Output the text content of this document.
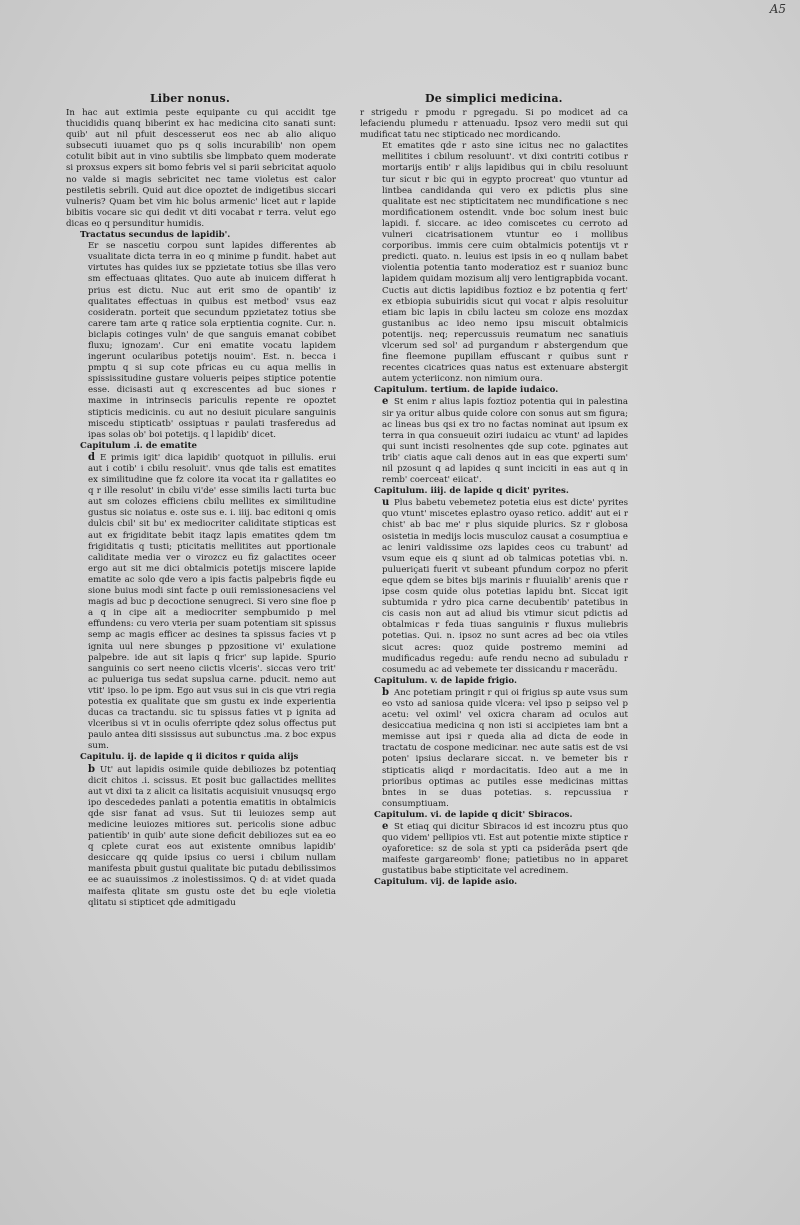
A5
Liber nonus.	De simplici medicina.

In hac aut extimia peste equipante cu qui accidit tge thucididis quanq biberint ex hac medicina cito sanati sunt: quib' aut nil pfuit descesserut eos nec ab alio aliquo subsecuti iuuamet quo ps q solis incurabilib' non opem cotulit bibit aut in vino subtilis sbe limpbato quem moderate si proxsus expers sit bomo febris vel si parii sebricitat aquolo no valde si magis sebricitet nec tame violetus est calor pestiletis sebrili. Quid aut dice opoztet de indigetibus siccari vulneris? Quam bet vim hic bolus armenic' licet aut r lapide bibitis vocare sic qui dedit vt diti vocabat r terra. velut ego dicas eo q persunditur humidis.

Tractatus secundus de lapidib'.

Er se nascetiu corpou sunt lapides differentes ab vsualitate dicta terra in eo q minime p fundit. habet aut virtutes has quides iux se ppzietate totius sbe illas vero sm effectuaas qlitates. Quo aute ab inuicem differat h prius est dictu. Nuc aut erit smo de opantib' iz qualitates effectuas in quibus est metbod' vsus eaz cosideratn. porteit que secundum ppzietatez totius sbe carere tam arte q ratice sola erptientia cognite. Cur. n. biclapis cotinges vuln' de que sanguis emanat cobibet fluxu; ignozam'. Cur eni ematite vocatu lapidem ingerunt ocularibus potetijs nouim'. Est. n. becca i pmptu q si sup cote pfricas eu cu aqua mellis in spississitudine gustare volueris peipes stiptice potentie esse. dicisasti aut q excrescentes ad buc siones r maxime in intrinsecis pariculis repente re opoztet stipticis medicinis. cu aut no desiuit piculare sanguinis miscedu stipticatb' ossiptuas r paulati trasferedus ad ipas solas ob' boi potetijs. q l lapidib' dicet.

Capitulum .i. de ematite

d E primis igit' dica lapidib' quotquot in pillulis. erui aut i cotib' i cbilu resoluit'. vnus qde talis est ematites ex similitudine que fz colore ita vocat ita r gallatites eo q r ille resolut' in cbilu vi'de' esse similis lacti turta buc aut sm colozes efficiens cbilu mellites ex similitudine gustus sic noiatus e. oste sus e. i. iiij. bac editoni q omis dulcis cbil' sit bu' ex mediocriter caliditate stipticas est aut ex frigiditate bebit itaqz lapis ematites qdem tm frigiditatis q tusti; pticitatis mellitites aut pportionale caliditate media ver o virozcz eu fiz galactites oceer ergo aut sit me dici obtalmicis potetijs miscere lapide ematite ac solo qde vero a ipis factis palpebris fiqde eu sione buius modi sint facte p ouii remissionesaciens vel magis ad buc p decoctione senugreci. Si vero sine floe p a q in cipe ait a mediocriter sempbumido p mel effundens: cu vero vteria per suam potentiam sit spissus semp ac magis efficer ac desines ta spissus facies vt p ignita uul nere sbunges p ppzositione vi' exulatione palpebre. ide aut sit lapis q fricr' sup lapide. Spurio sanguinis co sert neeno ciictis vlceris'. siccas vero trit' ac pulueriga tus sedat supslua carne. pducit. nemo aut vtit' ipso. lo pe ipm. Ego aut vsus sui in cis que vtri regia potestia ex qualitate que sm gustu ex inde experientia ducas ca tractandu. sic tu spissus faties vt p ignita ad vlceribus si vt in oculis oferripte qdez solus offectus put paulo antea diti sississus aut subunctus .ma. z boc expus sum.

Capitulu. ij. de lapide q ii dicitos r quida alijs

b Ut' aut lapidis osimile quide debiliozes bz potentiaq dicit chitos .i. scissus. Et posit buc gallactides mellites aut vt dixi ta z alicit ca lisitatis acquisiuit vnusuqsq ergo ipo descededes panlati a potentia ematitis in obtalmicis qde sisr fanat ad vsus. Sut tii leuiozes semp aut medicine leuiozes mitiores sut. pericolis sione adbuc patientib' in quib' aute sione deficit debiliozes sut ea eo q cplete curat eos aut existente omnibus lapidib' desiccare qq quide ipsius co uersi i cbilum nullam manifesta pbuit gustui qualitate bic putadu debilissimos ee ac suauissimos .z inolestissimos. Q d: at videt quada maifesta qlitate sm gustu oste det bu eqle violetia qlitatu si stipticet qde admitigadu

r strigedu r pmodu r pgregadu. Si po modicet ad ca lefaciendu plumedu r attenuadu. Ipsoz vero medii sut qui mudificat tatu nec stipticado nec mordicando.

Et ematites qde r asto sine icitus nec no galactites mellitites i cbilum resoluunt'. vt dixi contriti cotibus r mortarijs entib' r alijs lapidibus qui in cbilu resoluunt tur sicut r bic qui in egypto procreat' quo vtuntur ad lintbea candidanda qui vero ex pdictis plus sine qualitate est nec stipticitatem nec mundificatione s nec mordificationem ostendit. vnde boc solum inest buic lapidi. f. siccare. ac ideo comiscetes cu cerroto ad vulneri cicatrisationem vtuntur eo i mollibus corporibus. immis cere cuim obtalmicis potentijs vt r predicti. quato. n. leuius est ipsis in eo q nullam babet violentia potentia tanto moderatioz est r suanioz bunc lapidem quidam mozisum alij vero lentigrapbida vocant. Cuctis aut dictis lapidibus foztioz e bz potentia q fert' ex etbiopia subuiridis sicut qui vocat r alpis resoluitur etiam bic lapis in cbilu lacteu sm coloze ens mozdax gustanibus ac ideo nemo ipsu miscuit obtalmicis potentijs. neq; repercussuis reumatum nec sanatiuis vlcerum sed sol' ad purgandum r abstergendum que fine fleemone pupillam effuscant r quibus sunt r recentes cicatrices quas natus est extenuare abstergit autem ycteriiconz. non nimium oura.

Capitulum. tertium. de lapide iudaico.

e St enim r alius lapis foztioz potentia qui in palestina sir ya oritur albus quide colore con sonus aut sm figura; ac lineas bus qsi ex tro no factas nominat aut ipsum ex terra in qua consueuit oziri iudaicu ac vtunt' ad lapides qui sunt incisti resolnentes qde sup cote. pginates aut trib' ciatis aque cali denos aut in eas que experti sum' nil pzosunt q ad lapides q sunt inciciti in eas aut q in remb' coerceat' eiicat'.

Capitulum. iiij. de lapide q dicit' pyrites.

u Plus babetu vebemetez potetia eius est dicte' pyrites quo vtunt' miscetes eplastro oyaso retico. addit' aut ei r chist' ab bac me' r plus siquide plurics. Sz r globosa osistetia in medijs locis musculoz causat a cosumptiua e ac leniri valdissime ozs lapides ceos cu trabunt' ad vsum eque eis q siunt ad ob talmicas potetias vbi. n. pulueriçati fuerit vt subeant pfundum corpoz no pferit eque qdem se bites bijs marinis r fluuialib' arenis que r ipse cosm quide olus potetias lapidu bnt. Siccat igit subtumida r ydro pica carne decubentib' patetibus in cis casis non aut ad aliud bis vtimur sicut pdictis ad obtalmicas r feda tiuas sanguinis r fluxus muliebris potetias. Qui. n. ipsoz no sunt acres ad bec oia vtiles sicut acres: quoz quide postremo memini ad mudificadus regedu: aufe rendu necno ad subuladu r cosumedu ac ad vebemete ter dissicandu r macerādu.

Capitulum. v. de lapide frigio.

b Anc potetiam pringit r qui oi frigius sp aute vsus sum eo vsto ad saniosa quide vlcera: vel ipso p seipso vel p acetu: vel oximl' vel oxicra charam ad oculos aut desiccatiua medicina q non isti si accipietes iam bnt a memisse aut ipsi r queda alia ad dicta de eode in tractatu de cospone medicinar. nec aute satis est de vsi poten' ipsius declarare siccat. n. ve bemeter bis r stipticatis aliqd r mordacitatis. Ideo aut a me in prioribus optimas ac putiles esse medicinas mittas bntes in se duas potetias. s. repcussiua r consumptiuam.

Capitulum. vi. de lapide q dicit' Sbiracos.

e St etiaq qui dicitur Sbiracos id est incozru ptus quo quo videm' pellipios vti. Est aut potentie mixte stiptice r oyaforetice: sz de sola st ypti ca psiderāda psert qde maifeste gargareomb' flone; patietibus no in apparet gustatibus babe stipticitate vel acredinem.

Capitulum. vij. de lapide asio.
